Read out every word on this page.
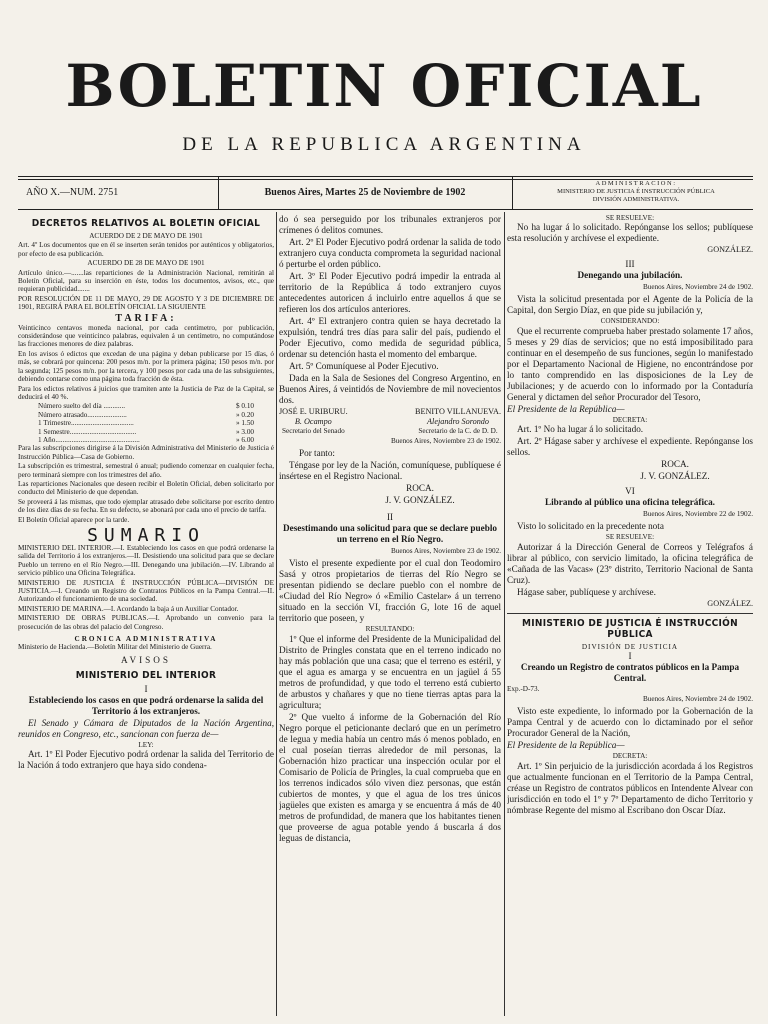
BOLETIN OFICIAL
DE LA REPUBLICA ARGENTINA
AÑO X.—NUM. 2751	Buenos Aires, Martes 25 de Noviembre de 1902
ADMINISTRACION:
MINISTERIO DE JUSTICIA É INSTRUCCIÓN PÚBLICA
DIVISIÓN ADMINISTRATIVA.
DECRETOS RELATIVOS AL BOLETIN OFICIAL

ACUERDO DE 2 DE MAYO DE 1901

Art. 4º Los documentos que en él se inserten serán tenidos por auténticos y obligatorios, por efecto de esa publicación.

ACUERDO DE 28 DE MAYO DE 1901

Artículo único.—.......las reparticiones de la Administración Nacional, remitirán al Boletín Oficial, para su inserción en éste, todos los documentos, avisos, etc., que requieran publicidad.......

POR RESOLUCIÓN DE 11 DE MAYO, 29 DE AGOSTO Y 3 DE DICIEMBRE DE 1901, REGIRÁ PARA EL BOLETÍN OFICIAL LA SIGUIENTE

TARIFA:

Veinticinco centavos moneda nacional, por cada centímetro, por publicación, considerándose que veinticinco palabras, equivalen á un centímetro, no computándose las fracciones menores de diez palabras.

En los avisos ó edictos que excedan de una página y deban publicarse por 15 días, ó más, se cobrará por quincena: 200 pesos m/n. por la primera página; 150 pesos m/n. por la segunda; 125 pesos m/n. por la tercera, y 100 pesos por cada una de las subsiguientes, debiendo contarse como una página toda fracción de ésta.

Para los edictos relativos á juicios que tramiten ante la Justicia de Paz de la Capital, se deducirá el 40 %.

Número suelto del día ............	$ 0.10
Número atrasado......................	» 0.20
1 Trimestre...................................	» 1.50
1 Semestre.....................................	» 3.00
1 Año...............................................	» 6.00

Para las subscripciones dirigirse á la División Administrativa del Ministerio de Justicia é Instrucción Pública—Casa de Gobierno.

La subscripción es trimestral, semestral ó anual; pudiendo comenzar en cualquier fecha, pero terminará siempre con los trimestres del año.

Las reparticiones Nacionales que deseen recibir el Boletín Oficial, deben solicitarlo por conducto del Ministerio de que dependan.

Se proveerá á las mismas, que todo ejemplar atrasado debe solicitarse por escrito dentro de los diez días de su fecha. En su defecto, se abonará por cada uno el precio de tarifa.

El Boletín Oficial aparece por la tarde.

SUMARIO

MINISTERIO DEL INTERIOR.—I. Estableciendo los casos en que podrá ordenarse la salida del Territorio á los extranjeros.—II. Desistiendo una solicitud para que se declare Pueblo un terreno en el Río Negro.—III. Denegando una jubilación.—IV. Librando al servicio público una Oficina Telegráfica.

MINISTERIO DE JUSTICIA É INSTRUCCIÓN PÚBLICA—DIVISIÓN DE JUSTICIA.—I. Creando un Registro de Contratos Públicos en la Pampa Central.—II. Autorizando el funcionamiento de una sociedad.

MINISTERIO DE MARINA.—I. Acordando la baja á un Auxiliar Contador.

MINISTERIO DE OBRAS PUBLICAS.—I. Aprobando un convenio para la prosecución de las obras del palacio del Congreso.

CRONICA ADMINISTRATIVA

Ministerio de Hacienda.—Boletín Militar del Ministerio de Guerra.

AVISOS
MINISTERIO DEL INTERIOR
I

Estableciendo los casos en que podrá ordenarse la salida del Territorio á los extranjeros.

El Senado y Cámara de Diputados de la Nación Argentina, reunidos en Congreso, etc., sancionan con fuerza de—

LEY:

Art. 1º El Poder Ejecutivo podrá ordenar la salida del Territorio de la Nación á todo extranjero que haya sido condena-

do ó sea perseguido por los tribunales extranjeros por crímenes ó delitos comunes.

Art. 2º El Poder Ejecutivo podrá ordenar la salida de todo extranjero cuya conducta comprometa la seguridad nacional ó perturbe el orden público.

Art. 3º El Poder Ejecutivo podrá impedir la entrada al territorio de la República á todo extranjero cuyos antecedentes autoricen á incluirlo entre aquellos á que se refieren los dos artículos anteriores.

Art. 4º El extranjero contra quien se haya decretado la expulsión, tendrá tres días para salir del país, pudiendo el Poder Ejecutivo, como medida de seguridad pública, ordenar su detención hasta el momento del embarque.

Art. 5º Comuníquese al Poder Ejecutivo.

Dada en la Sala de Sesiones del Congreso Argentino, en Buenos Aires, á veintidós de Noviembre de mil novecientos dos.

JOSÉ E. URIBURU.
B. Ocampo
Secretario del Senado
BENITO VILLANUEVA.
Alejandro Sorondo
Secretario de la C. de D. D.

Buenos Aires, Noviembre 23 de 1902.

Por tanto:

Téngase por ley de la Nación, comuníquese, publíquese é insértese en el Registro Nacional.

ROCA.

J. V. GONZÁLEZ.

II

Desestimando una solicitud para que se declare pueblo un terreno en el Río Negro.

Buenos Aires, Noviembre 23 de 1902.

Visto el presente expediente por el cual don Teodomiro Sasá y otros propietarios de tierras del Río Negro se presentan pidiendo se declare pueblo con el nombre de «Ciudad del Río Negro» ó «Emilio Castelar» á un terreno situado en la sección VI, fracción G, lote 16 de aquel territorio que poseen, y

RESULTANDO:

1º Que el informe del Presidente de la Municipalidad del Distrito de Pringles constata que en el terreno indicado no hay más población que una casa; que el terreno es estéril, y que el agua es amarga y se encuentra en un jagüel á 55 metros de profundidad, y que todo el terreno está cubierto de arbustos y chañares y que no tiene tierras aptas para la agricultura;

2º Que vuelto á informe de la Gobernación del Río Negro porque el peticionante declaró que en un perímetro de legua y media había un centro más ó menos poblado, en el cual poseían tierras alrededor de mil personas, la Gobernación hizo practicar una inspección ocular por el Comisario de Policía de Pringles, la cual comprueba que en los terrenos indicados sólo viven diez personas, que están cubiertos de montes, y que el agua de los tres únicos jagüeles que existen es amarga y se encuentra á más de 40 metros de profundidad, de manera que los habitantes tienen que proveerse de agua potable yendo á buscarla á dos leguas de distancia,

SE RESUELVE:

No ha lugar á lo solicitado. Repónganse los sellos; publíquese esta resolución y archívese el expediente.

GONZÁLEZ.

III

Denegando una jubilación.

Buenos Aires, Noviembre 24 de 1902.

Vista la solicitud presentada por el Agente de la Policía de la Capital, don Sergio Díaz, en que pide su jubilación y,

CONSIDERANDO:

Que el recurrente comprueba haber prestado solamente 17 años, 5 meses y 29 días de servicios; que no está imposibilitado para continuar en el desempeño de sus funciones, según lo manifestado por el Departamento Nacional de Higiene, no encontrándose por lo tanto comprendido en las disposiciones de la Ley de Jubilaciones; y de acuerdo con lo informado por la Contaduría General y dictamen del señor Procurador del Tesoro,

El Presidente de la República—

DECRETA:

Art. 1º No ha lugar á lo solicitado.

Art. 2º Hágase saber y archívese el expediente. Repónganse los sellos.

ROCA.

J. V. GONZÁLEZ.

VI

Librando al público una oficina telegráfica.

Buenos Aires, Noviembre 22 de 1902.

Visto lo solicitado en la precedente nota

SE RESUELVE:

Autorizar á la Dirección General de Correos y Telégrafos á librar al público, con servicio limitado, la oficina telegráfica de «Cañada de las Vacas» (23º distrito, Territorio Nacional de Santa Cruz).

Hágase saber, publíquese y archívese.

GONZÁLEZ.

MINISTERIO DE JUSTICIA É INSTRUCCIÓN PÚBLICA
DIVISIÓN DE JUSTICIA
I

Creando un Registro de contratos públicos en la Pampa Central.

Exp.-D-73.

Buenos Aires, Noviembre 24 de 1902.

Visto este expediente, lo informado por la Gobernación de la Pampa Central y de acuerdo con lo dictaminado por el señor Procurador General de la Nación,

El Presidente de la República—

DECRETA:

Art. 1º Sin perjuicio de la jurisdicción acordada á los Registros que actualmente funcionan en el Territorio de la Pampa Central, créase un Registro de contratos públicos en Intendente Alvear con jurisdicción en todo el 1º y 7º Departamento de dicho Territorio y nómbrase Regente del mismo al Escribano don Oscar Díaz.
